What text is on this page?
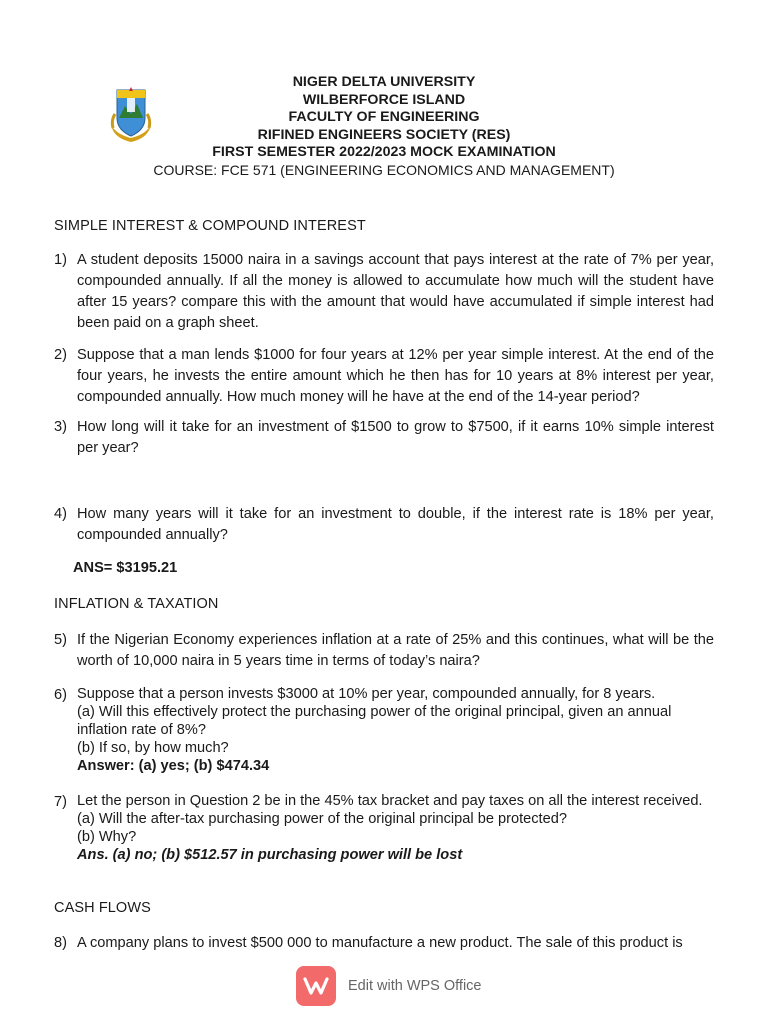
NIGER DELTA UNIVERSITY
WILBERFORCE ISLAND
FACULTY OF ENGINEERING
RIFINED ENGINEERS SOCIETY (RES)
FIRST SEMESTER 2022/2023 MOCK EXAMINATION
COURSE: FCE 571 (ENGINEERING ECONOMICS AND MANAGEMENT)
SIMPLE INTEREST & COMPOUND INTEREST
1) A student deposits 15000 naira in a savings account that pays interest at the rate of 7% per year, compounded annually. If all the money is allowed to accumulate how much will the student have after 15 years? compare this with the amount that would have accumulated if simple interest had been paid on a graph sheet.
2) Suppose that a man lends $1000 for four years at 12% per year simple interest. At the end of the four years, he invests the entire amount which he then has for 10 years at 8% interest per year, compounded annually. How much money will he have at the end of the 14-year period?
3) How long will it take for an investment of $1500 to grow to $7500, if it earns 10% simple interest per year?
4) How many years will it take for an investment to double, if the interest rate is 18% per year, compounded annually?
ANS= $3195.21
INFLATION & TAXATION
5) If the Nigerian Economy experiences inflation at a rate of 25% and this continues, what will be the worth of 10,000 naira in 5 years time in terms of today’s naira?
6) Suppose that a person invests $3000 at 10% per year, compounded annually, for 8 years.
(a) Will this effectively protect the purchasing power of the original principal, given an annual inflation rate of 8%?
(b) If so, by how much?
Answer: (a) yes; (b) $474.34
7) Let the person in Question 2 be in the 45% tax bracket and pay taxes on all the interest received.
(a) Will the after-tax purchasing power of the original principal be protected?
(b) Why?
Ans. (a) no; (b) $512.57 in purchasing power will be lost
CASH FLOWS
8) A company plans to invest $500 000 to manufacture a new product. The sale of this product is
Edit with WPS Office
